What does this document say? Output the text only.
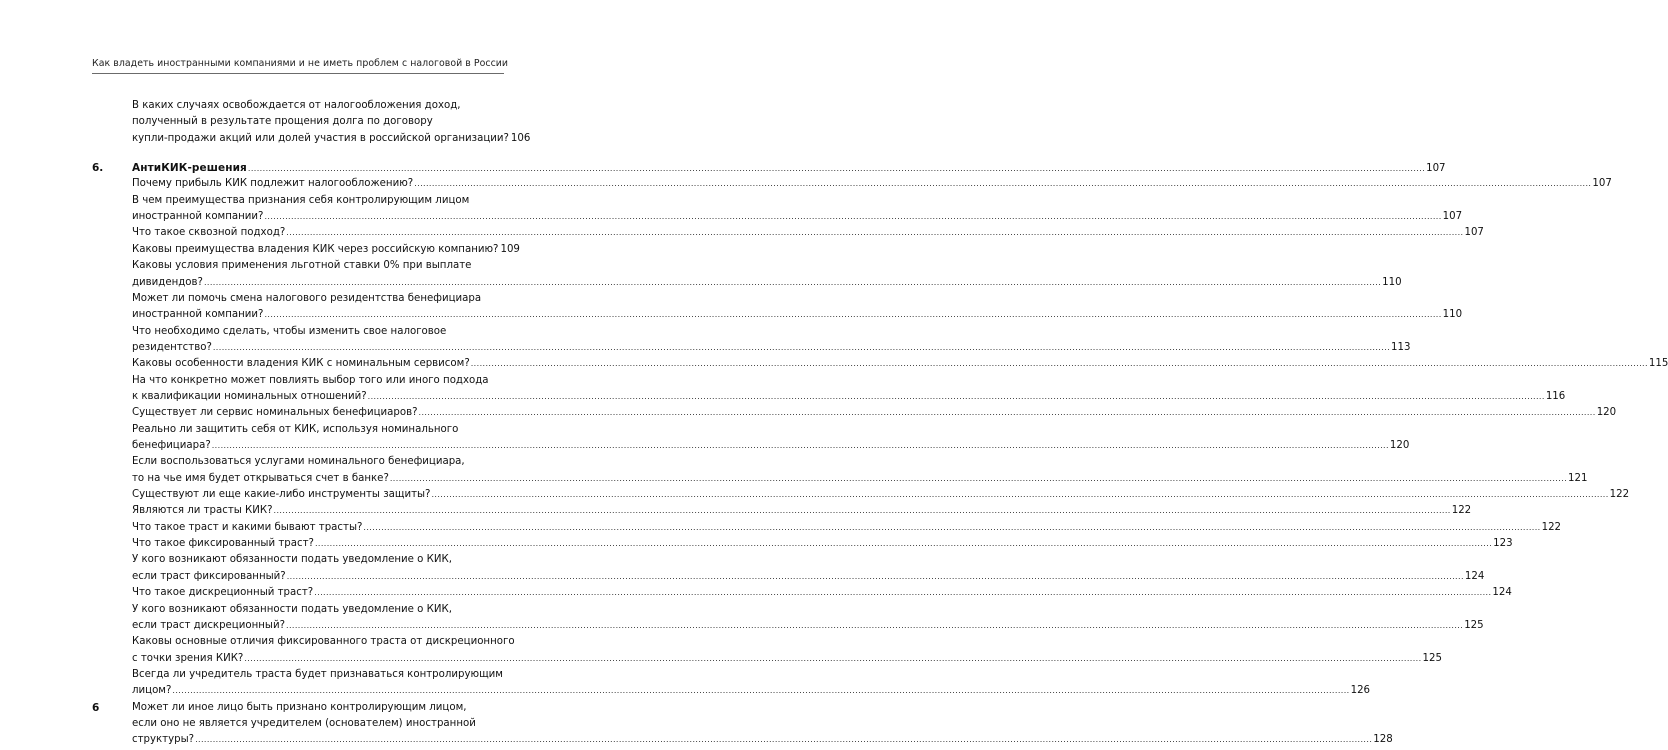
Как владеть иностранными компаниями и не иметь проблем с налоговой в России
В каких случаях освобождается от налогообложения доход,
полученный в результате прощения долга по договору
купли-продажи акций или долей участия в российской организации? 106
6.	АнтиКИК-решения ................................................................................................................................................................................................................................................................................................................................................................................................................ 107
Почему прибыль КИК подлежит налогообложению? ................................................................................................................................................................................................................................................................................................................................................................................................................ 107
В чем преимущества признания себя контролирующим лицом
иностранной компании? ................................................................................................................................................................................................................................................................................................................................................................................................................ 107
Что такое сквозной подход? ................................................................................................................................................................................................................................................................................................................................................................................................................ 107
Каковы преимущества владения КИК через российскую компанию? 109
Каковы условия применения льготной ставки 0% при выплате
дивидендов? ................................................................................................................................................................................................................................................................................................................................................................................................................ 110
Может ли помочь смена налогового резидентства бенефициара
иностранной компании? ................................................................................................................................................................................................................................................................................................................................................................................................................ 110
Что необходимо сделать, чтобы изменить свое налоговое
резидентство? ................................................................................................................................................................................................................................................................................................................................................................................................................ 113
Каковы особенности владения КИК с номинальным сервисом? ................................................................................................................................................................................................................................................................................................................................................................................................................ 115
На что конкретно может повлиять выбор того или иного подхода
к квалификации номинальных отношений? ................................................................................................................................................................................................................................................................................................................................................................................................................ 116
Существует ли сервис номинальных бенефициаров? ................................................................................................................................................................................................................................................................................................................................................................................................................ 120
Реально ли защитить себя от КИК, используя номинального
бенефициара? ................................................................................................................................................................................................................................................................................................................................................................................................................ 120
Если воспользоваться услугами номинального бенефициара,
то на чье имя будет открываться счет в банке? ................................................................................................................................................................................................................................................................................................................................................................................................................ 121
Существуют ли еще какие-либо инструменты защиты? ................................................................................................................................................................................................................................................................................................................................................................................................................ 122
Являются ли трасты КИК? ................................................................................................................................................................................................................................................................................................................................................................................................................ 122
Что такое траст и какими бывают трасты? ................................................................................................................................................................................................................................................................................................................................................................................................................ 122
Что такое фиксированный траст? ................................................................................................................................................................................................................................................................................................................................................................................................................ 123
У кого возникают обязанности подать уведомление о КИК,
если траст фиксированный? ................................................................................................................................................................................................................................................................................................................................................................................................................ 124
Что такое дискреционный траст? ................................................................................................................................................................................................................................................................................................................................................................................................................ 124
У кого возникают обязанности подать уведомление о КИК,
если траст дискреционный? ................................................................................................................................................................................................................................................................................................................................................................................................................ 125
Каковы основные отличия фиксированного траста от дискреционного
с точки зрения КИК? ................................................................................................................................................................................................................................................................................................................................................................................................................ 125
Всегда ли учредитель траста будет признаваться контролирующим
лицом? ................................................................................................................................................................................................................................................................................................................................................................................................................ 126
Может ли иное лицо быть признано контролирующим лицом,
если оно не является учредителем (основателем) иностранной
структуры? ................................................................................................................................................................................................................................................................................................................................................................................................................ 128
6
